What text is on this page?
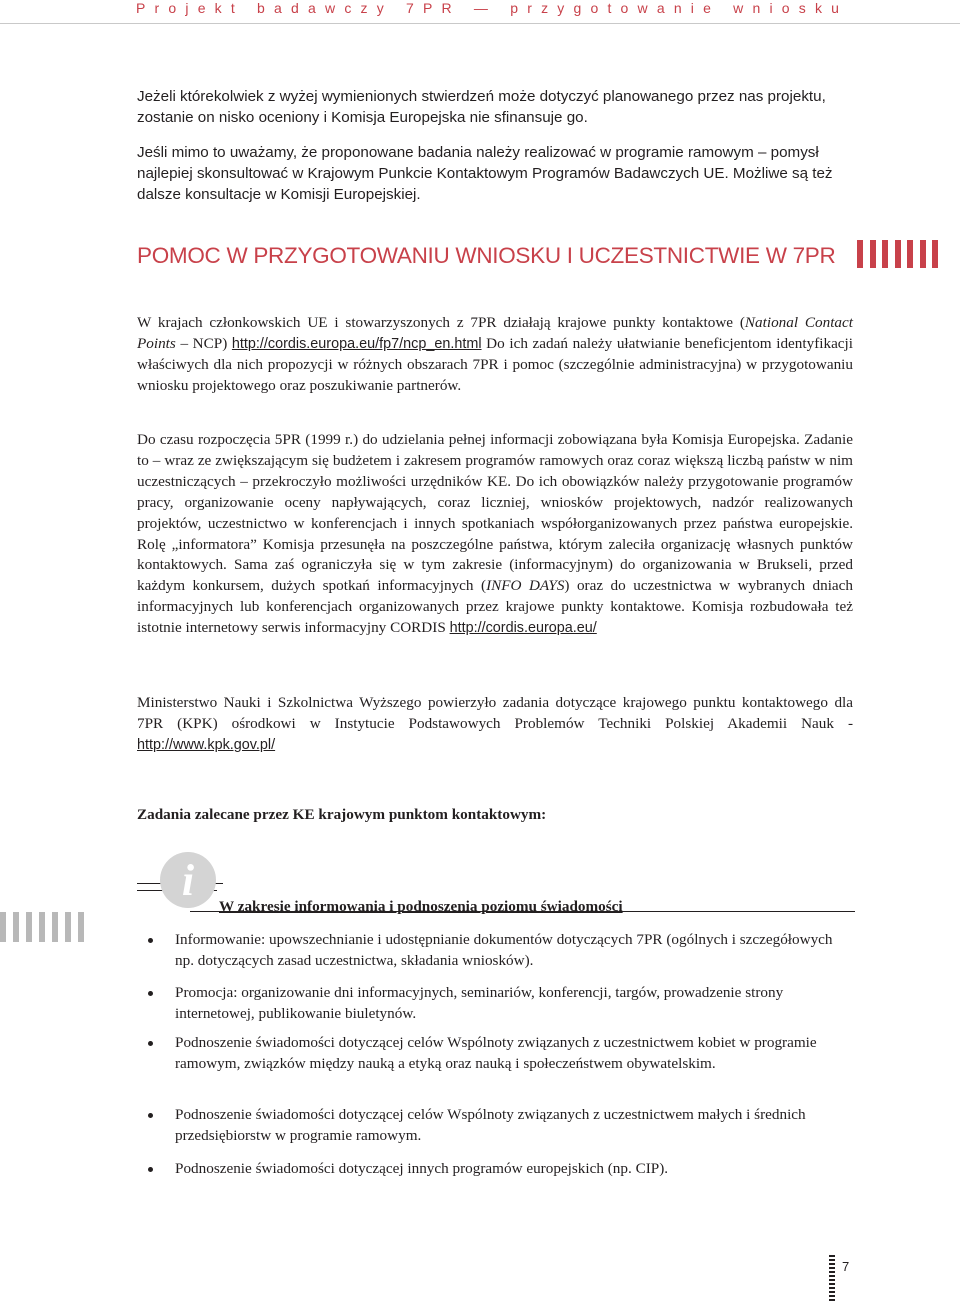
Projekt badawczy 7PR — przygotowanie wniosku

Jeżeli którekolwiek z wyżej wymienionych stwierdzeń może dotyczyć planowanego przez nas projektu, zostanie on nisko oceniony i Komisja Europejska nie sfinansuje go.

Jeśli mimo to uważamy, że proponowane badania należy realizować w programie ramowym – pomysł najlepiej skonsultować w Krajowym Punkcie Kontaktowym Programów Badawczych UE. Możliwe są też dalsze konsultacje w Komisji Europejskiej.

POMOC W PRZYGOTOWANIU WNIOSKU I UCZESTNICTWIE W 7PR

W krajach członkowskich UE i stowarzyszonych z 7PR działają krajowe punkty kontaktowe (National Contact Points – NCP) http://cordis.europa.eu/fp7/ncp_en.html Do ich zadań należy ułatwianie beneficjentom identyfikacji właściwych dla nich propozycji w różnych obszarach 7PR i pomoc (szczególnie administracyjna) w przygotowaniu wniosku projektowego oraz poszukiwanie partnerów.

Do czasu rozpoczęcia 5PR (1999 r.) do udzielania pełnej informacji zobowiązana była Komisja Europejska. Zadanie to – wraz ze zwiększającym się budżetem i zakresem programów ramowych oraz coraz większą liczbą państw w nim uczestniczących – przekroczyło możliwości urzędników KE. Do ich obowiązków należy przygotowanie programów pracy, organizowanie oceny napływających, coraz liczniej, wniosków projektowych, nadzór realizowanych projektów, uczestnictwo w konferencjach i innych spotkaniach współorganizowanych przez państwa europejskie. Rolę „informatora” Komisja przesunęła na poszczególne państwa, którym zaleciła organizację własnych punktów kontaktowych. Sama zaś ograniczyła się w tym zakresie (informacyjnym) do organizowania w Brukseli, przed każdym konkursem, dużych spotkań informacyjnych (INFO DAYS) oraz do uczestnictwa w wybranych dniach informacyjnych lub konferencjach organizowanych przez krajowe punkty kontaktowe. Komisja rozbudowała też istotnie internetowy serwis informacyjny CORDIS http://cordis.europa.eu/

Ministerstwo Nauki i Szkolnictwa Wyższego powierzyło zadania dotyczące krajowego punktu kontaktowego dla 7PR (KPK) ośrodkowi w Instytucie Podstawowych Problemów Techniki Polskiej Akademii Nauk - http://www.kpk.gov.pl/

Zadania zalecane przez KE krajowym punktom kontaktowym:
i
W zakresie informowania i podnoszenia poziomu świadomości
Informowanie: upowszechnianie i udostępnianie dokumentów dotyczących 7PR (ogólnych i szczegółowych np. dotyczących zasad uczestnictwa, składania wniosków).
Promocja: organizowanie dni informacyjnych, seminariów, konferencji, targów, prowadzenie strony internetowej, publikowanie biuletynów.
Podnoszenie świadomości dotyczącej celów Wspólnoty związanych z uczestnictwem kobiet w programie ramowym, związków między nauką a etyką oraz nauką i społeczeństwem obywatelskim.
Podnoszenie świadomości dotyczącej celów Wspólnoty związanych z uczestnictwem małych i średnich przedsiębiorstw w programie ramowym.
Podnoszenie świadomości dotyczącej innych programów europejskich (np. CIP).
7
